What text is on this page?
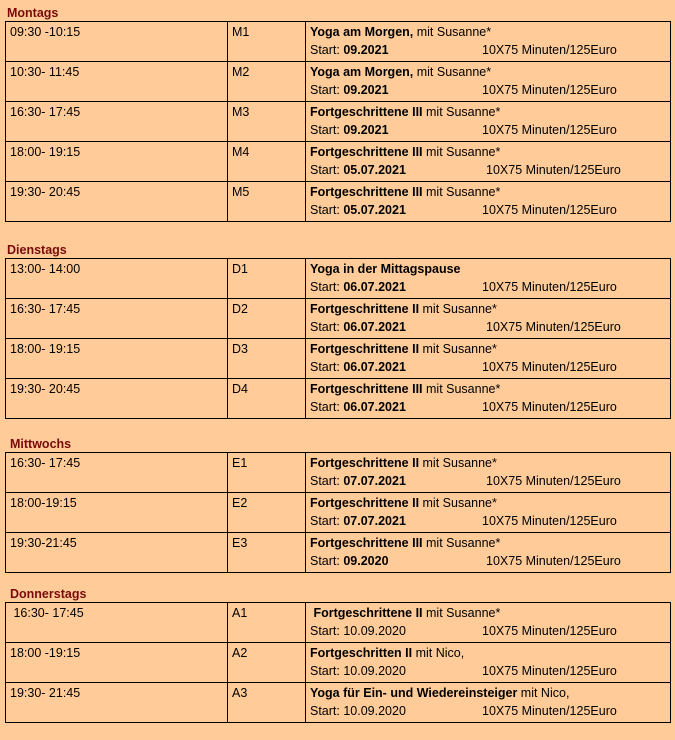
Montags
09:30 -10:15	M1	Yoga am Morgen, mit Susanne*
Start: 09.2021 10X75 Minuten/125Euro

10:30- 11:45	M2	Yoga am Morgen, mit Susanne*
Start: 09.2021 10X75 Minuten/125Euro

16:30- 17:45	M3	Fortgeschrittene III mit Susanne*
Start: 09.2021 10X75 Minuten/125Euro

18:00- 19:15	M4	Fortgeschrittene III mit Susanne*
Start: 05.07.2021 10X75 Minuten/125Euro

19:30- 20:45	M5	Fortgeschrittene III mit Susanne*
Start: 05.07.2021 10X75 Minuten/125Euro
Dienstags
13:00- 14:00	D1	Yoga in der Mittagspause
Start: 06.07.2021 10X75 Minuten/125Euro

16:30- 17:45	D2	Fortgeschrittene II mit Susanne*
Start: 06.07.2021 10X75 Minuten/125Euro

18:00- 19:15	D3	Fortgeschrittene II mit Susanne*
Start: 06.07.2021 10X75 Minuten/125Euro

19:30- 20:45	D4	Fortgeschrittene III mit Susanne*
Start: 06.07.2021 10X75 Minuten/125Euro
Mittwochs
16:30- 17:45	E1	Fortgeschrittene II mit Susanne*
Start: 07.07.2021 10X75 Minuten/125Euro

18:00-19:15	E2	Fortgeschrittene II mit Susanne*
Start: 07.07.2021 10X75 Minuten/125Euro

19:30-21:45	E3	Fortgeschrittene III mit Susanne*
Start: 09.2020 10X75 Minuten/125Euro
Donnerstags
16:30- 17:45	A1	Fortgeschrittene II mit Susanne*
Start: 10.09.2020 10X75 Minuten/125Euro

18:00 -19:15	A2	Fortgeschritten II mit Nico,
Start: 10.09.2020 10X75 Minuten/125Euro

19:30- 21:45	A3	Yoga für Ein- und Wiedereinsteiger mit Nico,
Start: 10.09.2020 10X75 Minuten/125Euro
